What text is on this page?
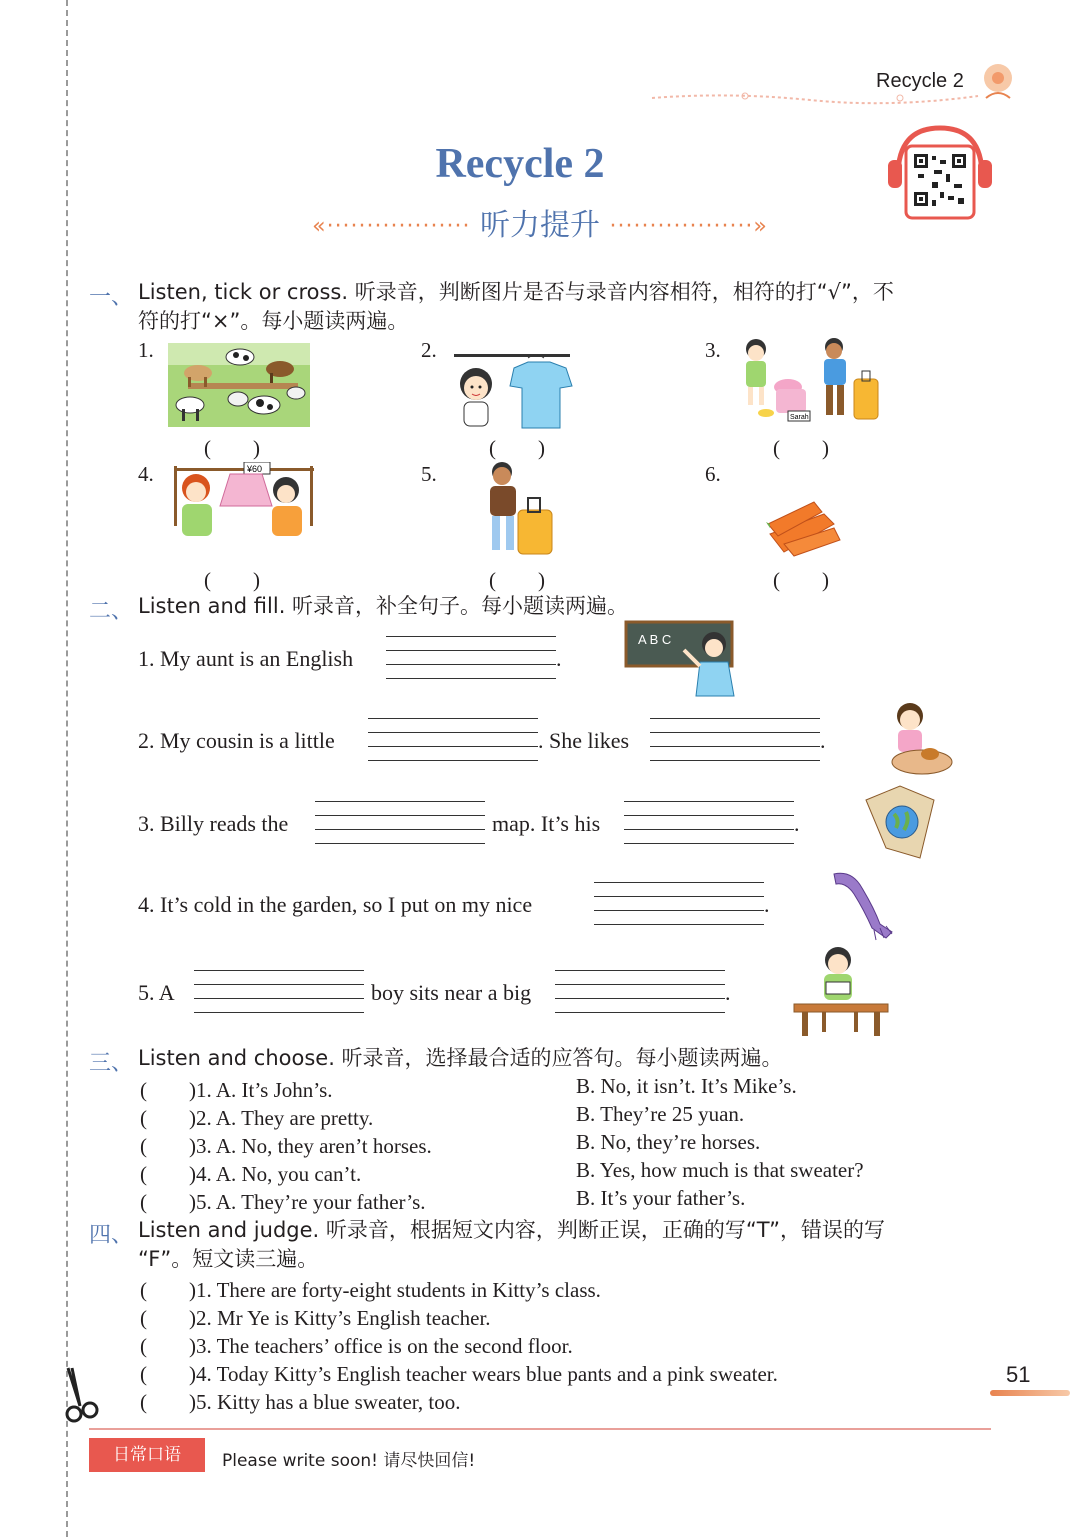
Recycle 2
Recycle 2
«·················· 听力提升 ··················»
一、 Listen, tick or cross. 听录音，判断图片是否与录音内容相符，相符的打“√”，不
符的打“×”。每小题读两遍。
1.	2.	3.
4.	5.	6.
Sarah
¥60
(　　)	(　　)	(　　)
(　　)	(　　)	(　　)
二、 Listen and fill. 听录音，补全句子。每小题读两遍。
1. My aunt is an English	.
A B C
2. My cousin is a little	. She likes	.
3. Billy reads the	map. It’s his	.
4. It’s cold in the garden, so I put on my nice	.
5. A	boy sits near a big	.
三、 Listen and choose. 听录音，选择最合适的应答句。每小题读两遍。
(　　)1. A. It’s John’s.	B. No, it isn’t. It’s Mike’s.
(　　)2. A. They are pretty.	B. They’re 25 yuan.
(　　)3. A. No, they aren’t horses.	B. No, they’re horses.
(　　)4. A. No, you can’t.	B. Yes, how much is that sweater?
(　　)5. A. They’re your father’s.	B. It’s your father’s.
四、 Listen and judge. 听录音，根据短文内容，判断正误，正确的写“T”，错误的写
“F”。短文读三遍。
(　　)1. There are forty-eight students in Kitty’s class.
(　　)2. Mr Ye is Kitty’s English teacher.
(　　)3. The teachers’ office is on the second floor.
(　　)4. Today Kitty’s English teacher wears blue pants and a pink sweater.
(　　)5. Kitty has a blue sweater, too.
51
日常口语	Please write soon! 请尽快回信!
